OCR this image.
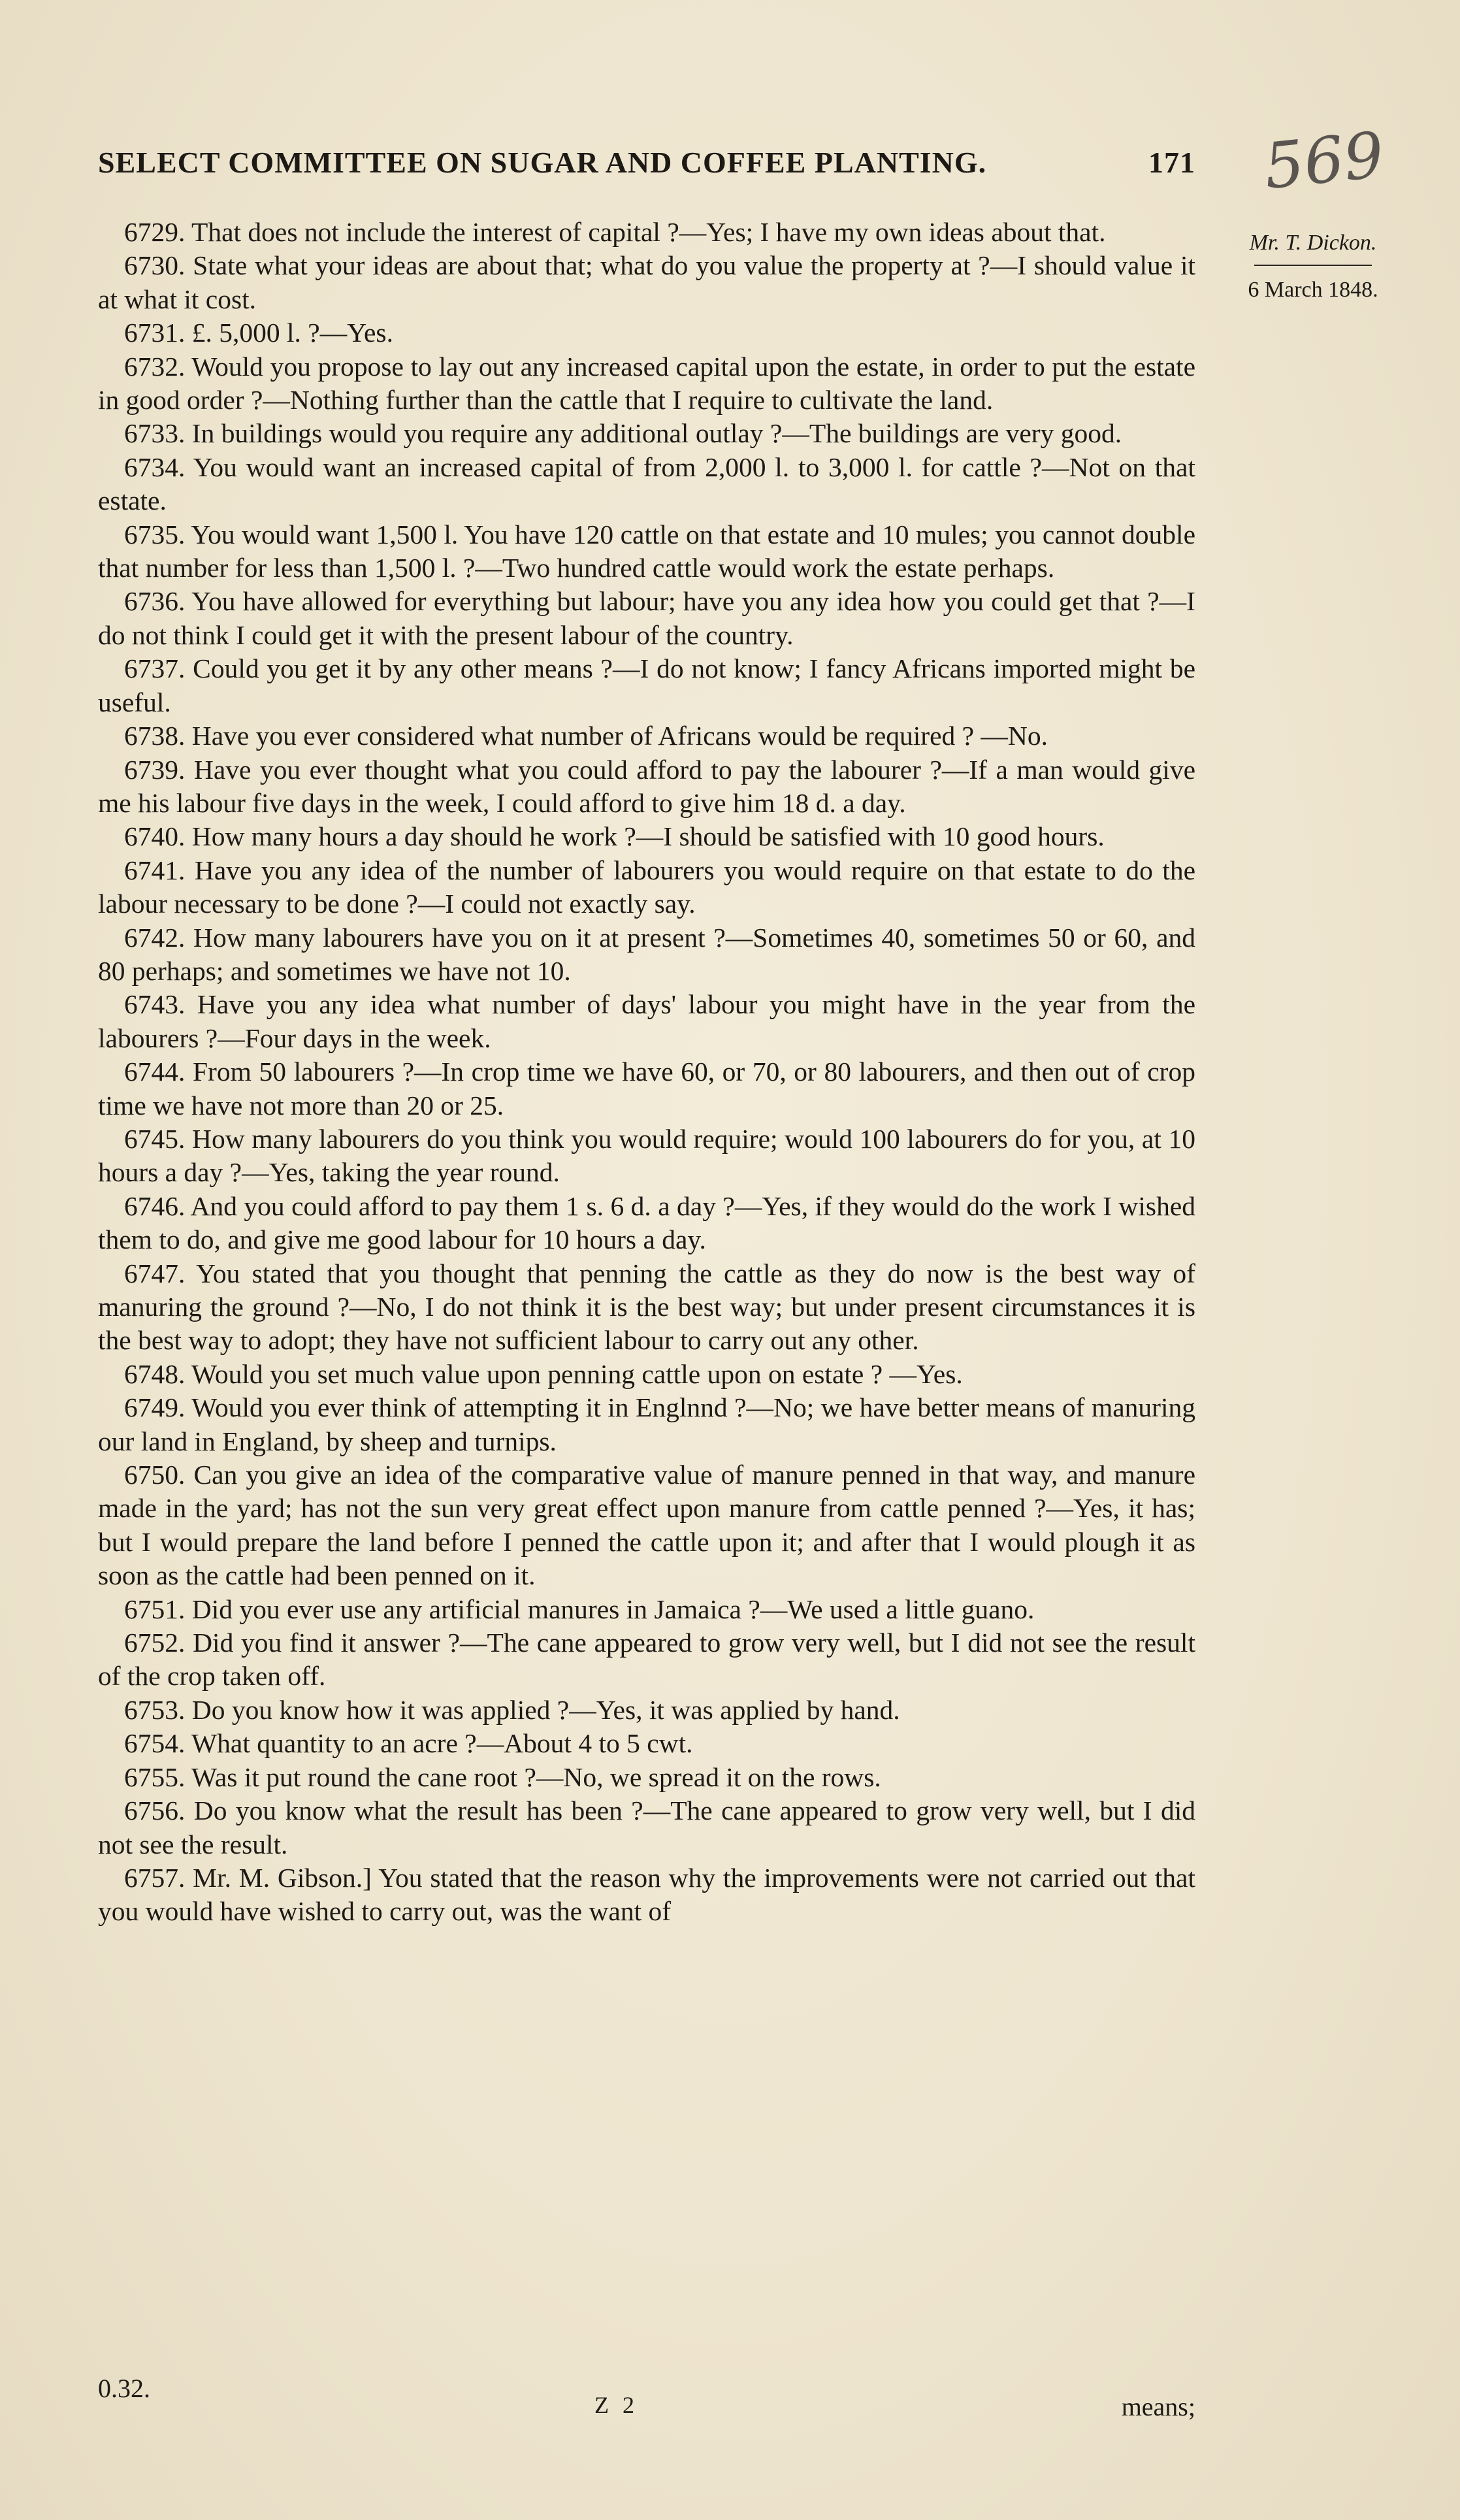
SELECT COMMITTEE ON SUGAR AND COFFEE PLANTING.	171 569
Mr. T. Dickon.
6 March 1848.

6729. That does not include the interest of capital ?—Yes; I have my own ideas about that.

6730. State what your ideas are about that; what do you value the property at ?—I should value it at what it cost.

6731. £. 5,000 l. ?—Yes.

6732. Would you propose to lay out any increased capital upon the estate, in order to put the estate in good order ?—Nothing further than the cattle that I require to cultivate the land.

6733. In buildings would you require any additional outlay ?—The buildings are very good.

6734. You would want an increased capital of from 2,000 l. to 3,000 l. for cattle ?—Not on that estate.

6735. You would want 1,500 l. You have 120 cattle on that estate and 10 mules; you cannot double that number for less than 1,500 l. ?—Two hundred cattle would work the estate perhaps.

6736. You have allowed for everything but labour; have you any idea how you could get that ?—I do not think I could get it with the present labour of the country.

6737. Could you get it by any other means ?—I do not know; I fancy Africans imported might be useful.

6738. Have you ever considered what number of Africans would be required ? —No.

6739. Have you ever thought what you could afford to pay the labourer ?—If a man would give me his labour five days in the week, I could afford to give him 18 d. a day.

6740. How many hours a day should he work ?—I should be satisfied with 10 good hours.

6741. Have you any idea of the number of labourers you would require on that estate to do the labour necessary to be done ?—I could not exactly say.

6742. How many labourers have you on it at present ?—Sometimes 40, sometimes 50 or 60, and 80 perhaps; and sometimes we have not 10.

6743. Have you any idea what number of days' labour you might have in the year from the labourers ?—Four days in the week.

6744. From 50 labourers ?—In crop time we have 60, or 70, or 80 labourers, and then out of crop time we have not more than 20 or 25.

6745. How many labourers do you think you would require; would 100 labourers do for you, at 10 hours a day ?—Yes, taking the year round.

6746. And you could afford to pay them 1 s. 6 d. a day ?—Yes, if they would do the work I wished them to do, and give me good labour for 10 hours a day.

6747. You stated that you thought that penning the cattle as they do now is the best way of manuring the ground ?—No, I do not think it is the best way; but under present circumstances it is the best way to adopt; they have not sufficient labour to carry out any other.

6748. Would you set much value upon penning cattle upon on estate ? —Yes.

6749. Would you ever think of attempting it in Englnnd ?—No; we have better means of manuring our land in England, by sheep and turnips.

6750. Can you give an idea of the comparative value of manure penned in that way, and manure made in the yard; has not the sun very great effect upon manure from cattle penned ?—Yes, it has; but I would prepare the land before I penned the cattle upon it; and after that I would plough it as soon as the cattle had been penned on it.

6751. Did you ever use any artificial manures in Jamaica ?—We used a little guano.

6752. Did you find it answer ?—The cane appeared to grow very well, but I did not see the result of the crop taken off.

6753. Do you know how it was applied ?—Yes, it was applied by hand.

6754. What quantity to an acre ?—About 4 to 5 cwt.

6755. Was it put round the cane root ?—No, we spread it on the rows.

6756. Do you know what the result has been ?—The cane appeared to grow very well, but I did not see the result.

6757. Mr. M. Gibson.] You stated that the reason why the improvements were not carried out that you would have wished to carry out, was the want of

0.32.
Z 2	means;
